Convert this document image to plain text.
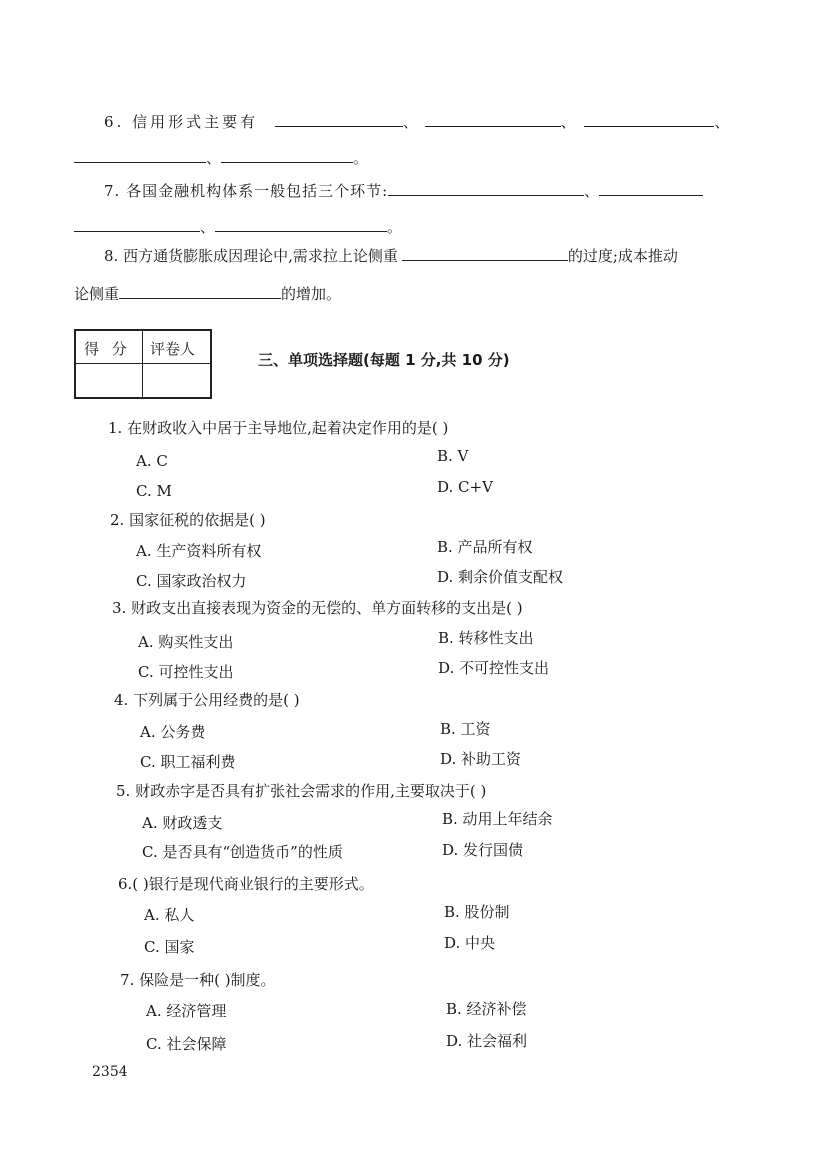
6. 信用形式主要有	、	、	、
、	。
7. 各国金融机构体系一般包括三个环节:	、
、	。
8. 西方通货膨胀成因理论中,需求拉上论侧重	的过度;成本推动
论侧重	的增加。
得 分 评卷人
三、单项选择题(每题 1 分,共 10 分)
1. 在财政收入中居于主导地位,起着决定作用的是( )
A. C	B. V
C. M	D. C+V
2. 国家征税的依据是( )
A. 生产资料所有权	B. 产品所有权
C. 国家政治权力	D. 剩余价值支配权
3. 财政支出直接表现为资金的无偿的、单方面转移的支出是( )
A. 购买性支出	B. 转移性支出
C. 可控性支出	D. 不可控性支出
4. 下列属于公用经费的是( )
A. 公务费	B. 工资
C. 职工福利费	D. 补助工资
5. 财政赤字是否具有扩张社会需求的作用,主要取决于( )
A. 财政透支	B. 动用上年结余
C. 是否具有“创造货币”的性质	D. 发行国债
6.( )银行是现代商业银行的主要形式。
A. 私人	B. 股份制
C. 国家	D. 中央
7. 保险是一种( )制度。
A. 经济管理	B. 经济补偿
C. 社会保障	D. 社会福利
2354
